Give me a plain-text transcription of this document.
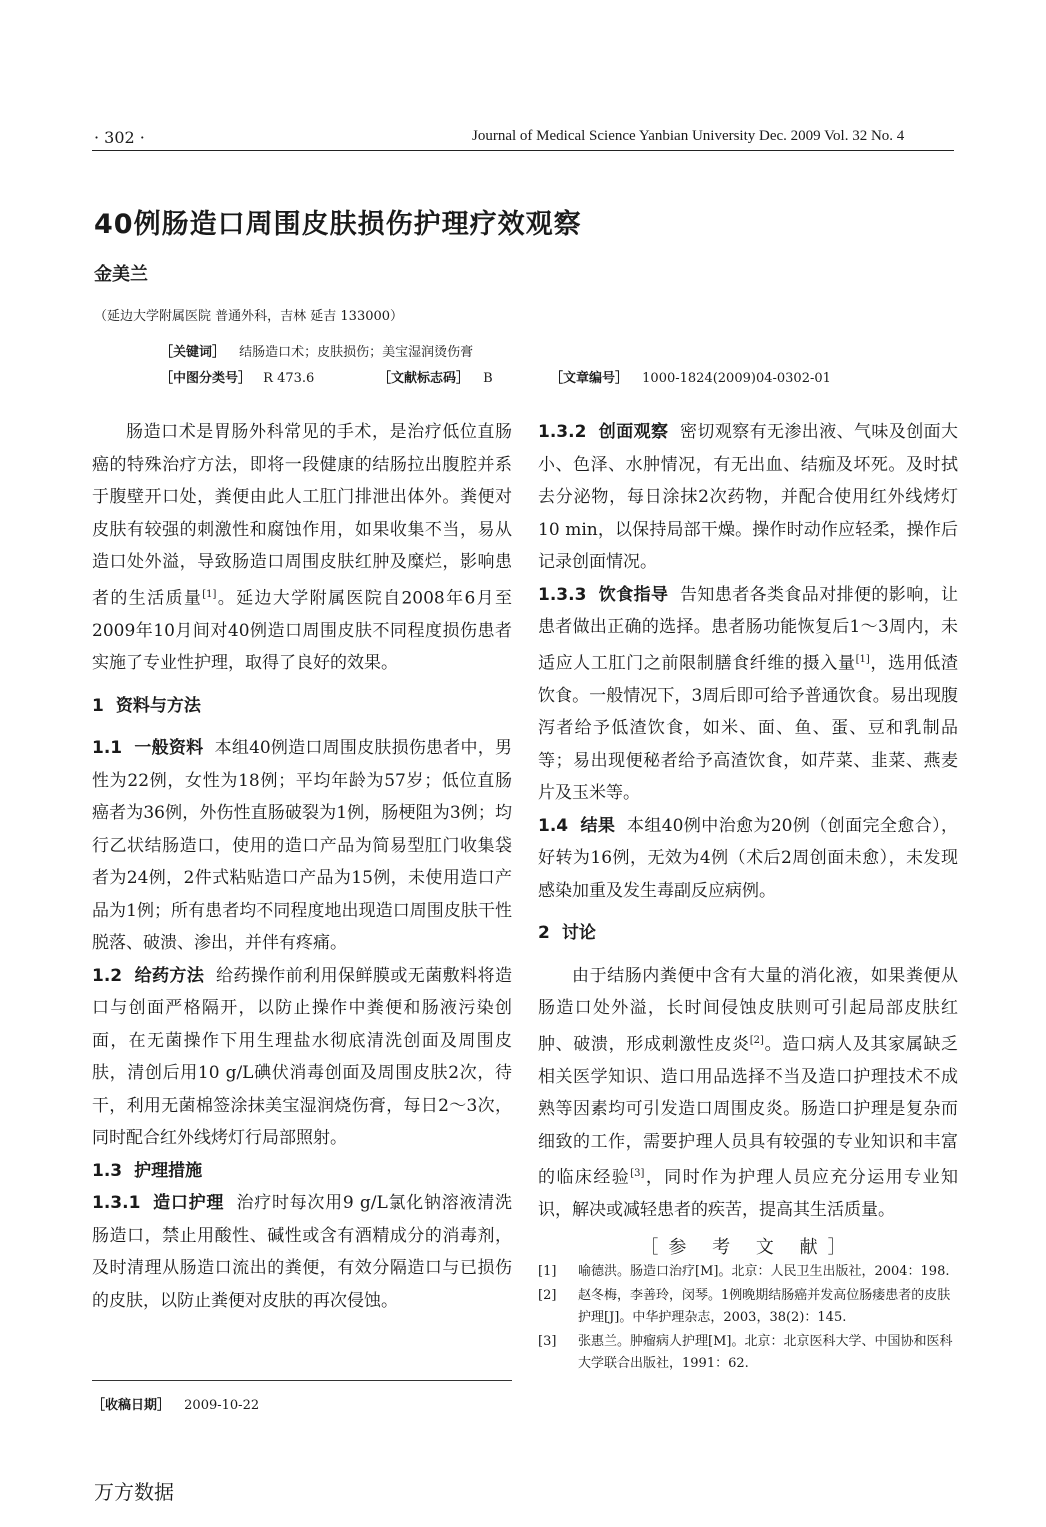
· 302 ·	Journal of Medical Science Yanbian University Dec. 2009 Vol. 32 No. 4
40例肠造口周围皮肤损伤护理疗效观察
金美兰
（延边大学附属医院 普通外科，吉林 延吉 133000）
［关键词］ 结肠造口术；皮肤损伤；美宝湿润烫伤膏
［中图分类号］ R 473.6	［文献标志码］ B	［文章编号］ 1000-1824(2009)04-0302-01

肠造口术是胃肠外科常见的手术，是治疗低位直肠癌的特殊治疗方法，即将一段健康的结肠拉出腹腔并系于腹壁开口处，粪便由此人工肛门排泄出体外。粪便对皮肤有较强的刺激性和腐蚀作用，如果收集不当，易从造口处外溢，导致肠造口周围皮肤红肿及糜烂，影响患者的生活质量[1]。延边大学附属医院自2008年6月至2009年10月间对40例造口周围皮肤不同程度损伤患者实施了专业性护理，取得了良好的效果。

1 资料与方法

1.1 一般资料 本组40例造口周围皮肤损伤患者中，男性为22例，女性为18例；平均年龄为57岁；低位直肠癌者为36例，外伤性直肠破裂为1例，肠梗阻为3例；均行乙状结肠造口，使用的造口产品为简易型肛门收集袋者为24例，2件式粘贴造口产品为15例，未使用造口产品为1例；所有患者均不同程度地出现造口周围皮肤干性脱落、破溃、渗出，并伴有疼痛。

1.2 给药方法 给药操作前利用保鲜膜或无菌敷料将造口与创面严格隔开，以防止操作中粪便和肠液污染创面，在无菌操作下用生理盐水彻底清洗创面及周围皮肤，清创后用10 g/L碘伏消毒创面及周围皮肤2次，待干，利用无菌棉签涂抹美宝湿润烧伤膏，每日2～3次，同时配合红外线烤灯行局部照射。

1.3 护理措施

1.3.1 造口护理 治疗时每次用9 g/L氯化钠溶液清洗肠造口，禁止用酸性、碱性或含有酒精成分的消毒剂，及时清理从肠造口流出的粪便，有效分隔造口与已损伤的皮肤，以防止粪便对皮肤的再次侵蚀。

［收稿日期］ 2009-10-22

1.3.2 创面观察 密切观察有无渗出液、气味及创面大小、色泽、水肿情况，有无出血、结痂及坏死。及时拭去分泌物，每日涂抹2次药物，并配合使用红外线烤灯10 min，以保持局部干燥。操作时动作应轻柔，操作后记录创面情况。

1.3.3 饮食指导 告知患者各类食品对排便的影响，让患者做出正确的选择。患者肠功能恢复后1～3周内，未适应人工肛门之前限制膳食纤维的摄入量[1]，选用低渣饮食。一般情况下，3周后即可给予普通饮食。易出现腹泻者给予低渣饮食，如米、面、鱼、蛋、豆和乳制品等；易出现便秘者给予高渣饮食，如芹菜、韭菜、燕麦片及玉米等。

1.4 结果 本组40例中治愈为20例（创面完全愈合），好转为16例，无效为4例（术后2周创面未愈），未发现感染加重及发生毒副反应病例。

2 讨论

由于结肠内粪便中含有大量的消化液，如果粪便从肠造口处外溢，长时间侵蚀皮肤则可引起局部皮肤红肿、破溃，形成刺激性皮炎[2]。造口病人及其家属缺乏相关医学知识、造口用品选择不当及造口护理技术不成熟等因素均可引发造口周围皮炎。肠造口护理是复杂而细致的工作，需要护理人员具有较强的专业知识和丰富的临床经验[3]，同时作为护理人员应充分运用专业知识，解决或减轻患者的疾苦，提高其生活质量。

［参 考 文 献］
[1]	喻德洪。肠造口治疗[M]。北京：人民卫生出版社，2004：198.
[2]	赵冬梅，李善玲，闵琴。1例晚期结肠癌并发高位肠瘘患者的皮肤护理[J]。中华护理杂志，2003，38(2)：145.
[3]	张惠兰。肿瘤病人护理[M]。北京：北京医科大学、中国协和医科大学联合出版社，1991：62.
万方数据
